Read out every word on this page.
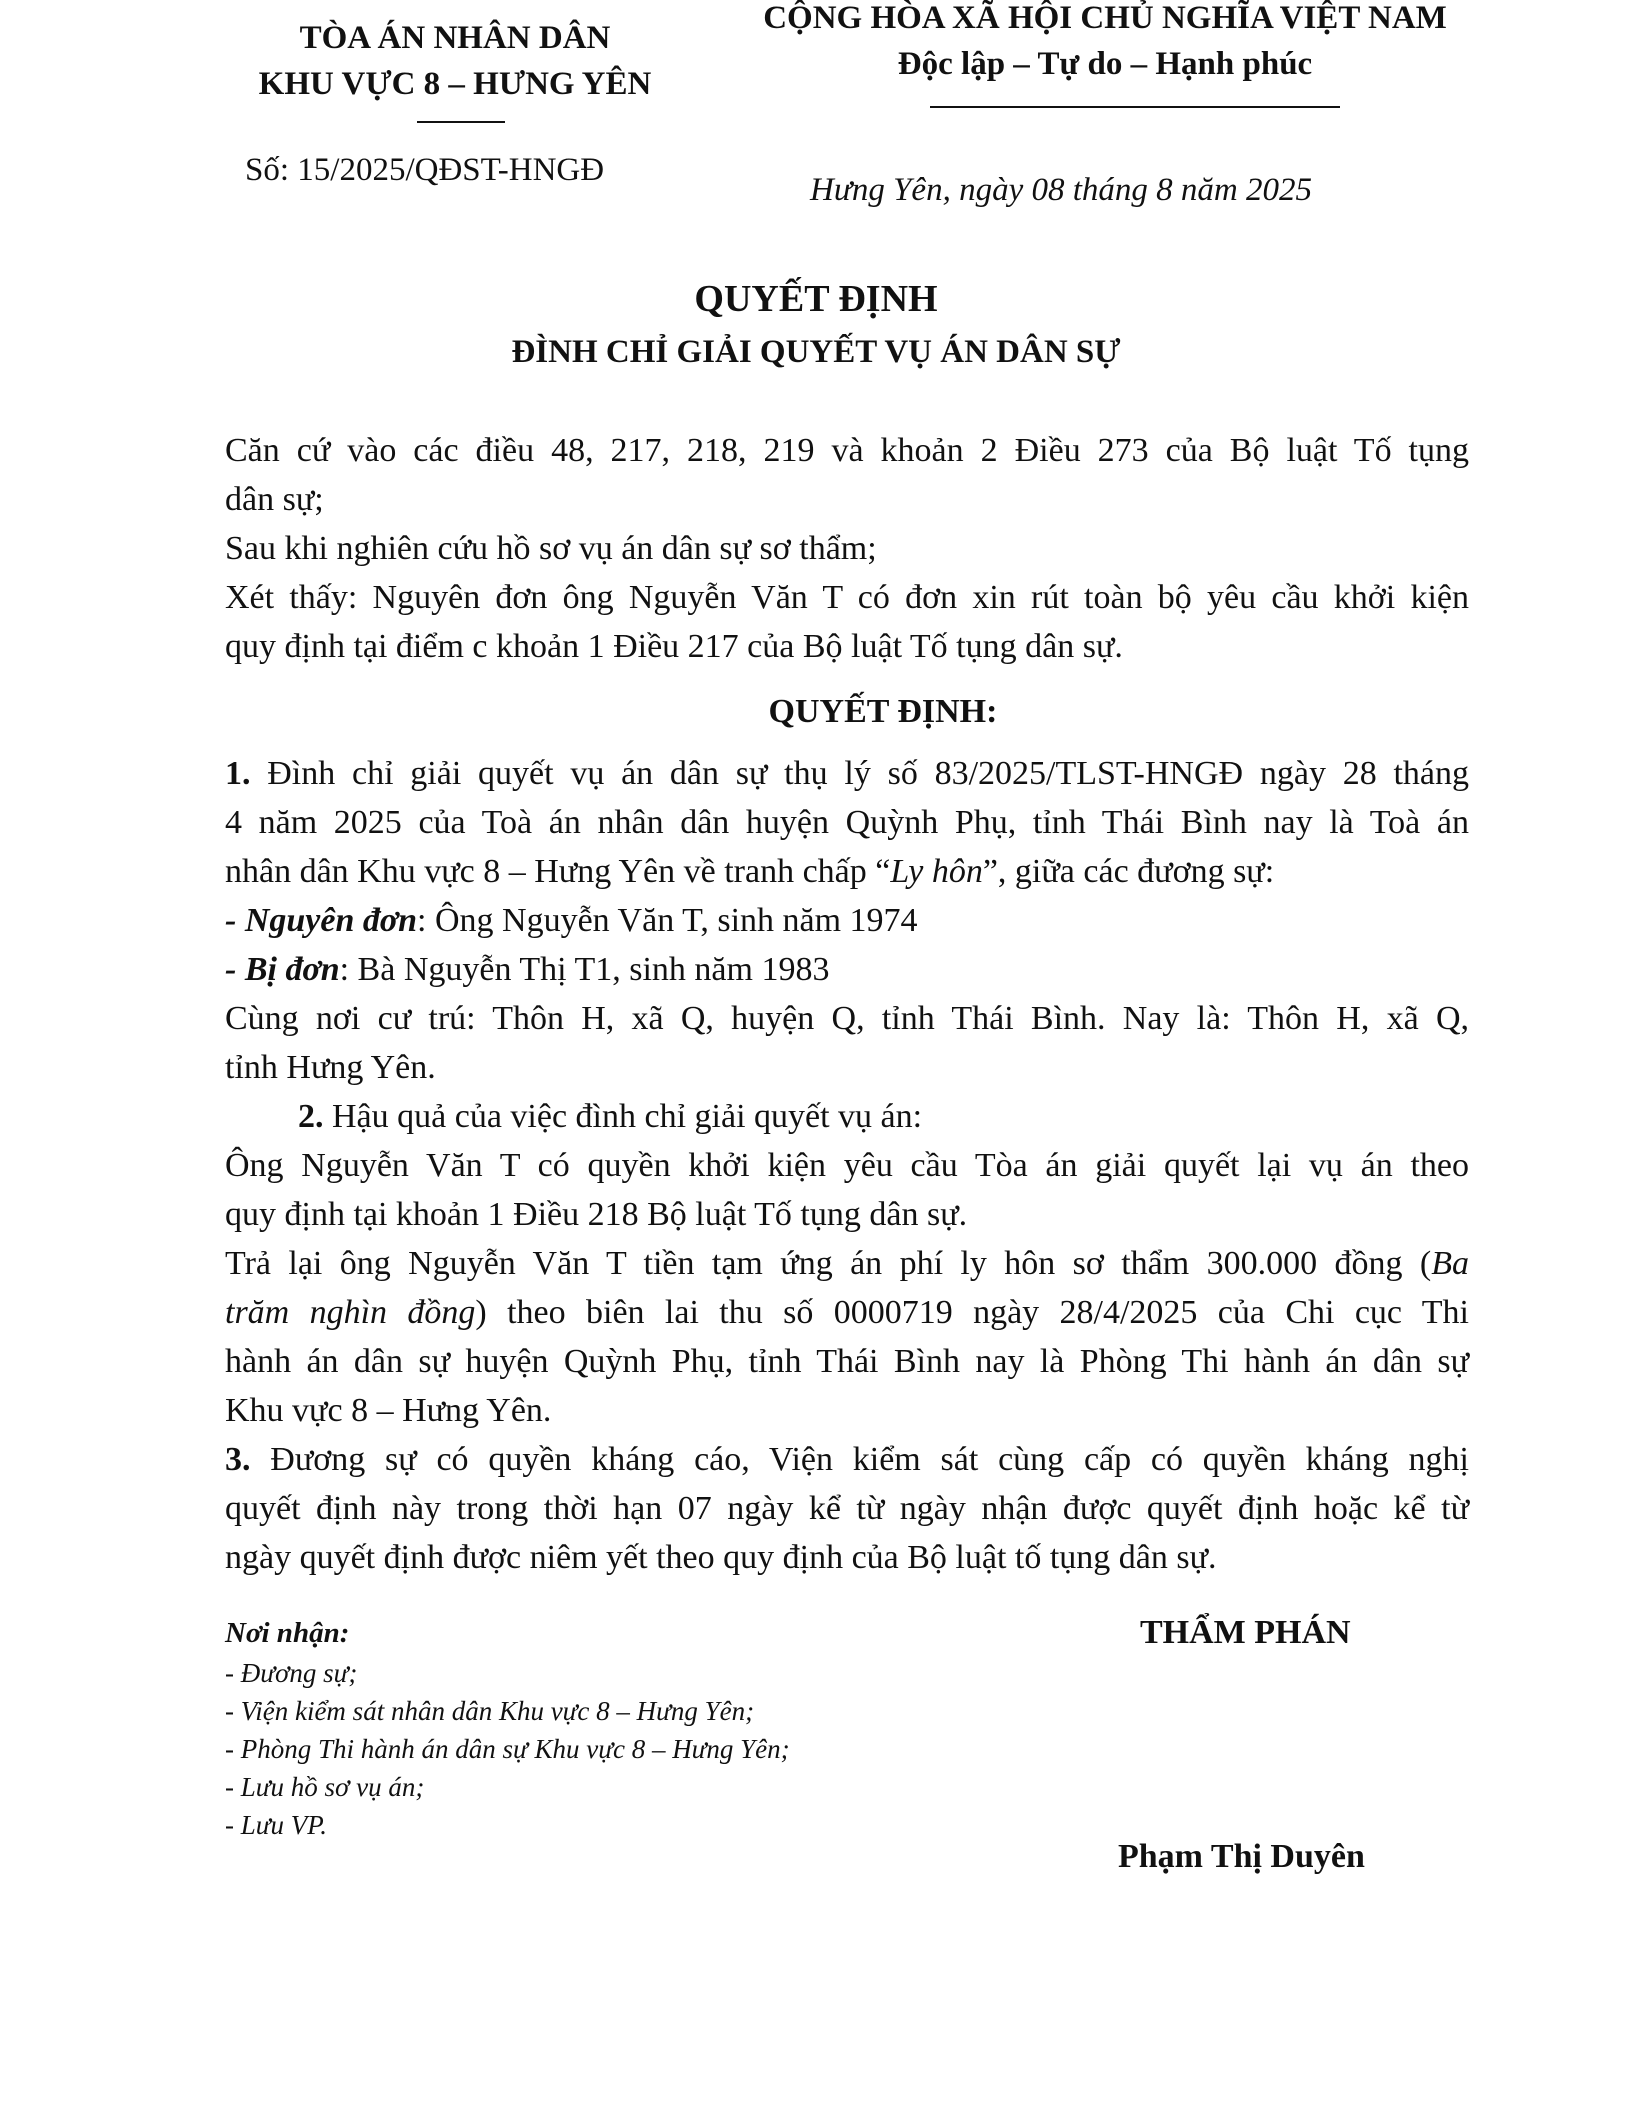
TÒA ÁN NHÂN DÂN
KHU VỰC 8 – HƯNG YÊN
Số: 15/2025/QĐST-HNGĐ
CỘNG HÒA XÃ HỘI CHỦ NGHĨA VIỆT NAM
Độc lập – Tự do – Hạnh phúc
Hưng Yên, ngày 08 tháng 8 năm 2025
QUYẾT ĐỊNH
ĐÌNH CHỈ GIẢI QUYẾT VỤ ÁN DÂN SỰ
Căn cứ vào các điều 48, 217, 218, 219 và khoản 2 Điều 273 của Bộ luật Tố tụng
dân sự;
Sau khi nghiên cứu hồ sơ vụ án dân sự sơ thẩm;
Xét thấy: Nguyên đơn ông Nguyễn Văn T có đơn xin rút toàn bộ yêu cầu khởi kiện
quy định tại điểm c khoản 1 Điều 217 của Bộ luật Tố tụng dân sự.
QUYẾT ĐỊNH:
1. Đình chỉ giải quyết vụ án dân sự thụ lý số 83/2025/TLST-HNGĐ ngày 28 tháng
4 năm 2025 của Toà án nhân dân huyện Quỳnh Phụ, tỉnh Thái Bình nay là Toà án
nhân dân Khu vực 8 – Hưng Yên về tranh chấp “Ly hôn”, giữa các đương sự:
- Nguyên đơn: Ông Nguyễn Văn T, sinh năm 1974
- Bị đơn: Bà Nguyễn Thị T1, sinh năm 1983
Cùng nơi cư trú: Thôn H, xã Q, huyện Q, tỉnh Thái Bình. Nay là: Thôn H, xã Q,
tỉnh Hưng Yên.
2. Hậu quả của việc đình chỉ giải quyết vụ án:
Ông Nguyễn Văn T có quyền khởi kiện yêu cầu Tòa án giải quyết lại vụ án theo
quy định tại khoản 1 Điều 218 Bộ luật Tố tụng dân sự.
Trả lại ông Nguyễn Văn T tiền tạm ứng án phí ly hôn sơ thẩm 300.000 đồng (Ba
trăm nghìn đồng) theo biên lai thu số 0000719 ngày 28/4/2025 của Chi cục Thi
hành án dân sự huyện Quỳnh Phụ, tỉnh Thái Bình nay là Phòng Thi hành án dân sự
Khu vực 8 – Hưng Yên.
3. Đương sự có quyền kháng cáo, Viện kiểm sát cùng cấp có quyền kháng nghị
quyết định này trong thời hạn 07 ngày kể từ ngày nhận được quyết định hoặc kể từ
ngày quyết định được niêm yết theo quy định của Bộ luật tố tụng dân sự.
Nơi nhận:
- Đương sự;
- Viện kiểm sát nhân dân Khu vực 8 – Hưng Yên;
- Phòng Thi hành án dân sự Khu vực 8 – Hưng Yên;
- Lưu hồ sơ vụ án;
- Lưu VP.
THẨM PHÁN
Phạm Thị Duyên
